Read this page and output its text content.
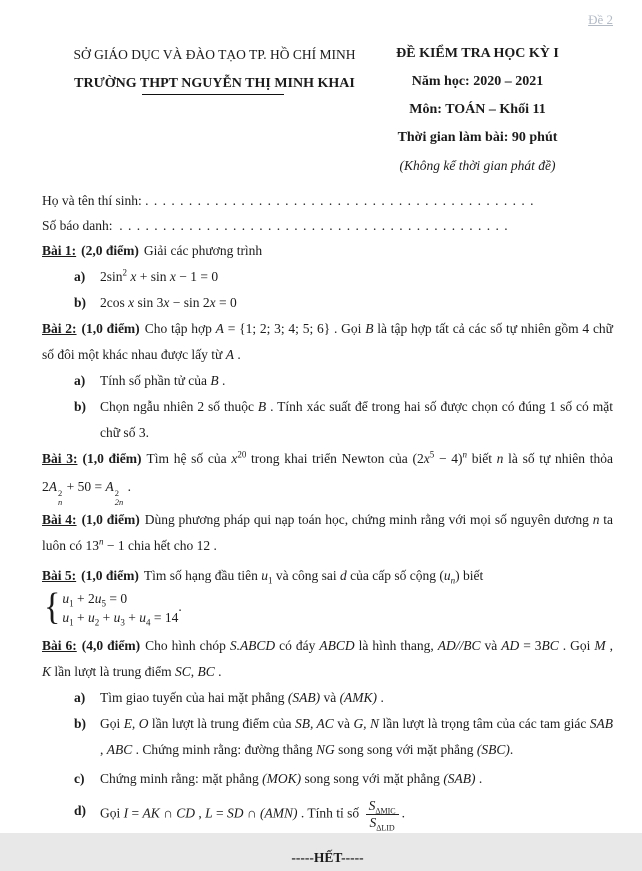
Đề 2
SỞ GIÁO DỤC VÀ ĐÀO TẠO TP. HỒ CHÍ MINH
TRƯỜNG THPT NGUYỄN THỊ MINH KHAI
ĐỀ KIỂM TRA HỌC KỲ I
Năm học: 2020 – 2021
Môn: TOÁN – Khối 11
Thời gian làm bài: 90 phút
(Không kể thời gian phát đề)
Họ và tên thí sinh: . . . . . . . . . . . . . . . . . . . . . . . . . . . . . . . . . . . . . . . . . . . . .
Số báo danh: . . . . . . . . . . . . . . . . . . . . . . . . . . . . . . . . . . . . . . . . . . . . .
Bài 1: (2,0 điểm) Giải các phương trình
a) $2\sin^2$ x + sin x − 1 = 0
b) 2cos x sin 3x − sin 2x = 0
Bài 2: (1,0 điểm) Cho tập hợp A = {1; 2; 3; 4; 5; 6} . Gọi B là tập hợp tất cả các số tự nhiên gồm 4 chữ số đôi một khác nhau được lấy từ A .
a) Tính số phần tử của B .
b) Chọn ngẫu nhiên 2 số thuộc B . Tính xác suất để trong hai số được chọn có đúng 1 số có mặt chữ số 3.
Bài 3: (1,0 điểm) Tìm hệ số của $x^{20}$ trong khai triển Newton của $(2x^5 - 4)^n$ biết n là số tự nhiên thỏa
2A 2
n
+ 50 = A 2
2n
.
Bài 4: (1,0 điểm) Dùng phương pháp qui nạp toán học, chứng minh rằng với mọi số nguyên dương n ta luôn có $13^n - 1$ chia hết cho 12 .
Bài 5: (1,0 điểm) Tìm số hạng đầu tiên $u_1$ và công sai d của cấp số cộng $(u_n)$ biết
{ $u_1 + 2u_5 = 0$
$u_1 + u_2 + u_3 + u_4 = 14$
.
Bài 6: (4,0 điểm) Cho hình chóp S.ABCD có đáy ABCD là hình thang, AD//BC và AD = 3BC . Gọi M , K lần lượt là trung điểm SC, BC .
a) Tìm giao tuyến của hai mặt phẳng (SAB) và (AMK) .
b) Gọi E, O lần lượt là trung điểm của SB, AC và G, N lần lượt là trọng tâm của các tam giác SAB , ABC . Chứng minh rằng: đường thẳng NG song song với mặt phẳng (SBC).
c) Chứng minh rằng: mặt phẳng (MOK) song song với mặt phẳng (SAB) .
d) Gọi I = AK ∩ CD , L = SD ∩ (AMN) . Tính tỉ số $\frac{S_{\Delta MIC}}{S_{\Delta LID}}$ .
-----HẾT-----
